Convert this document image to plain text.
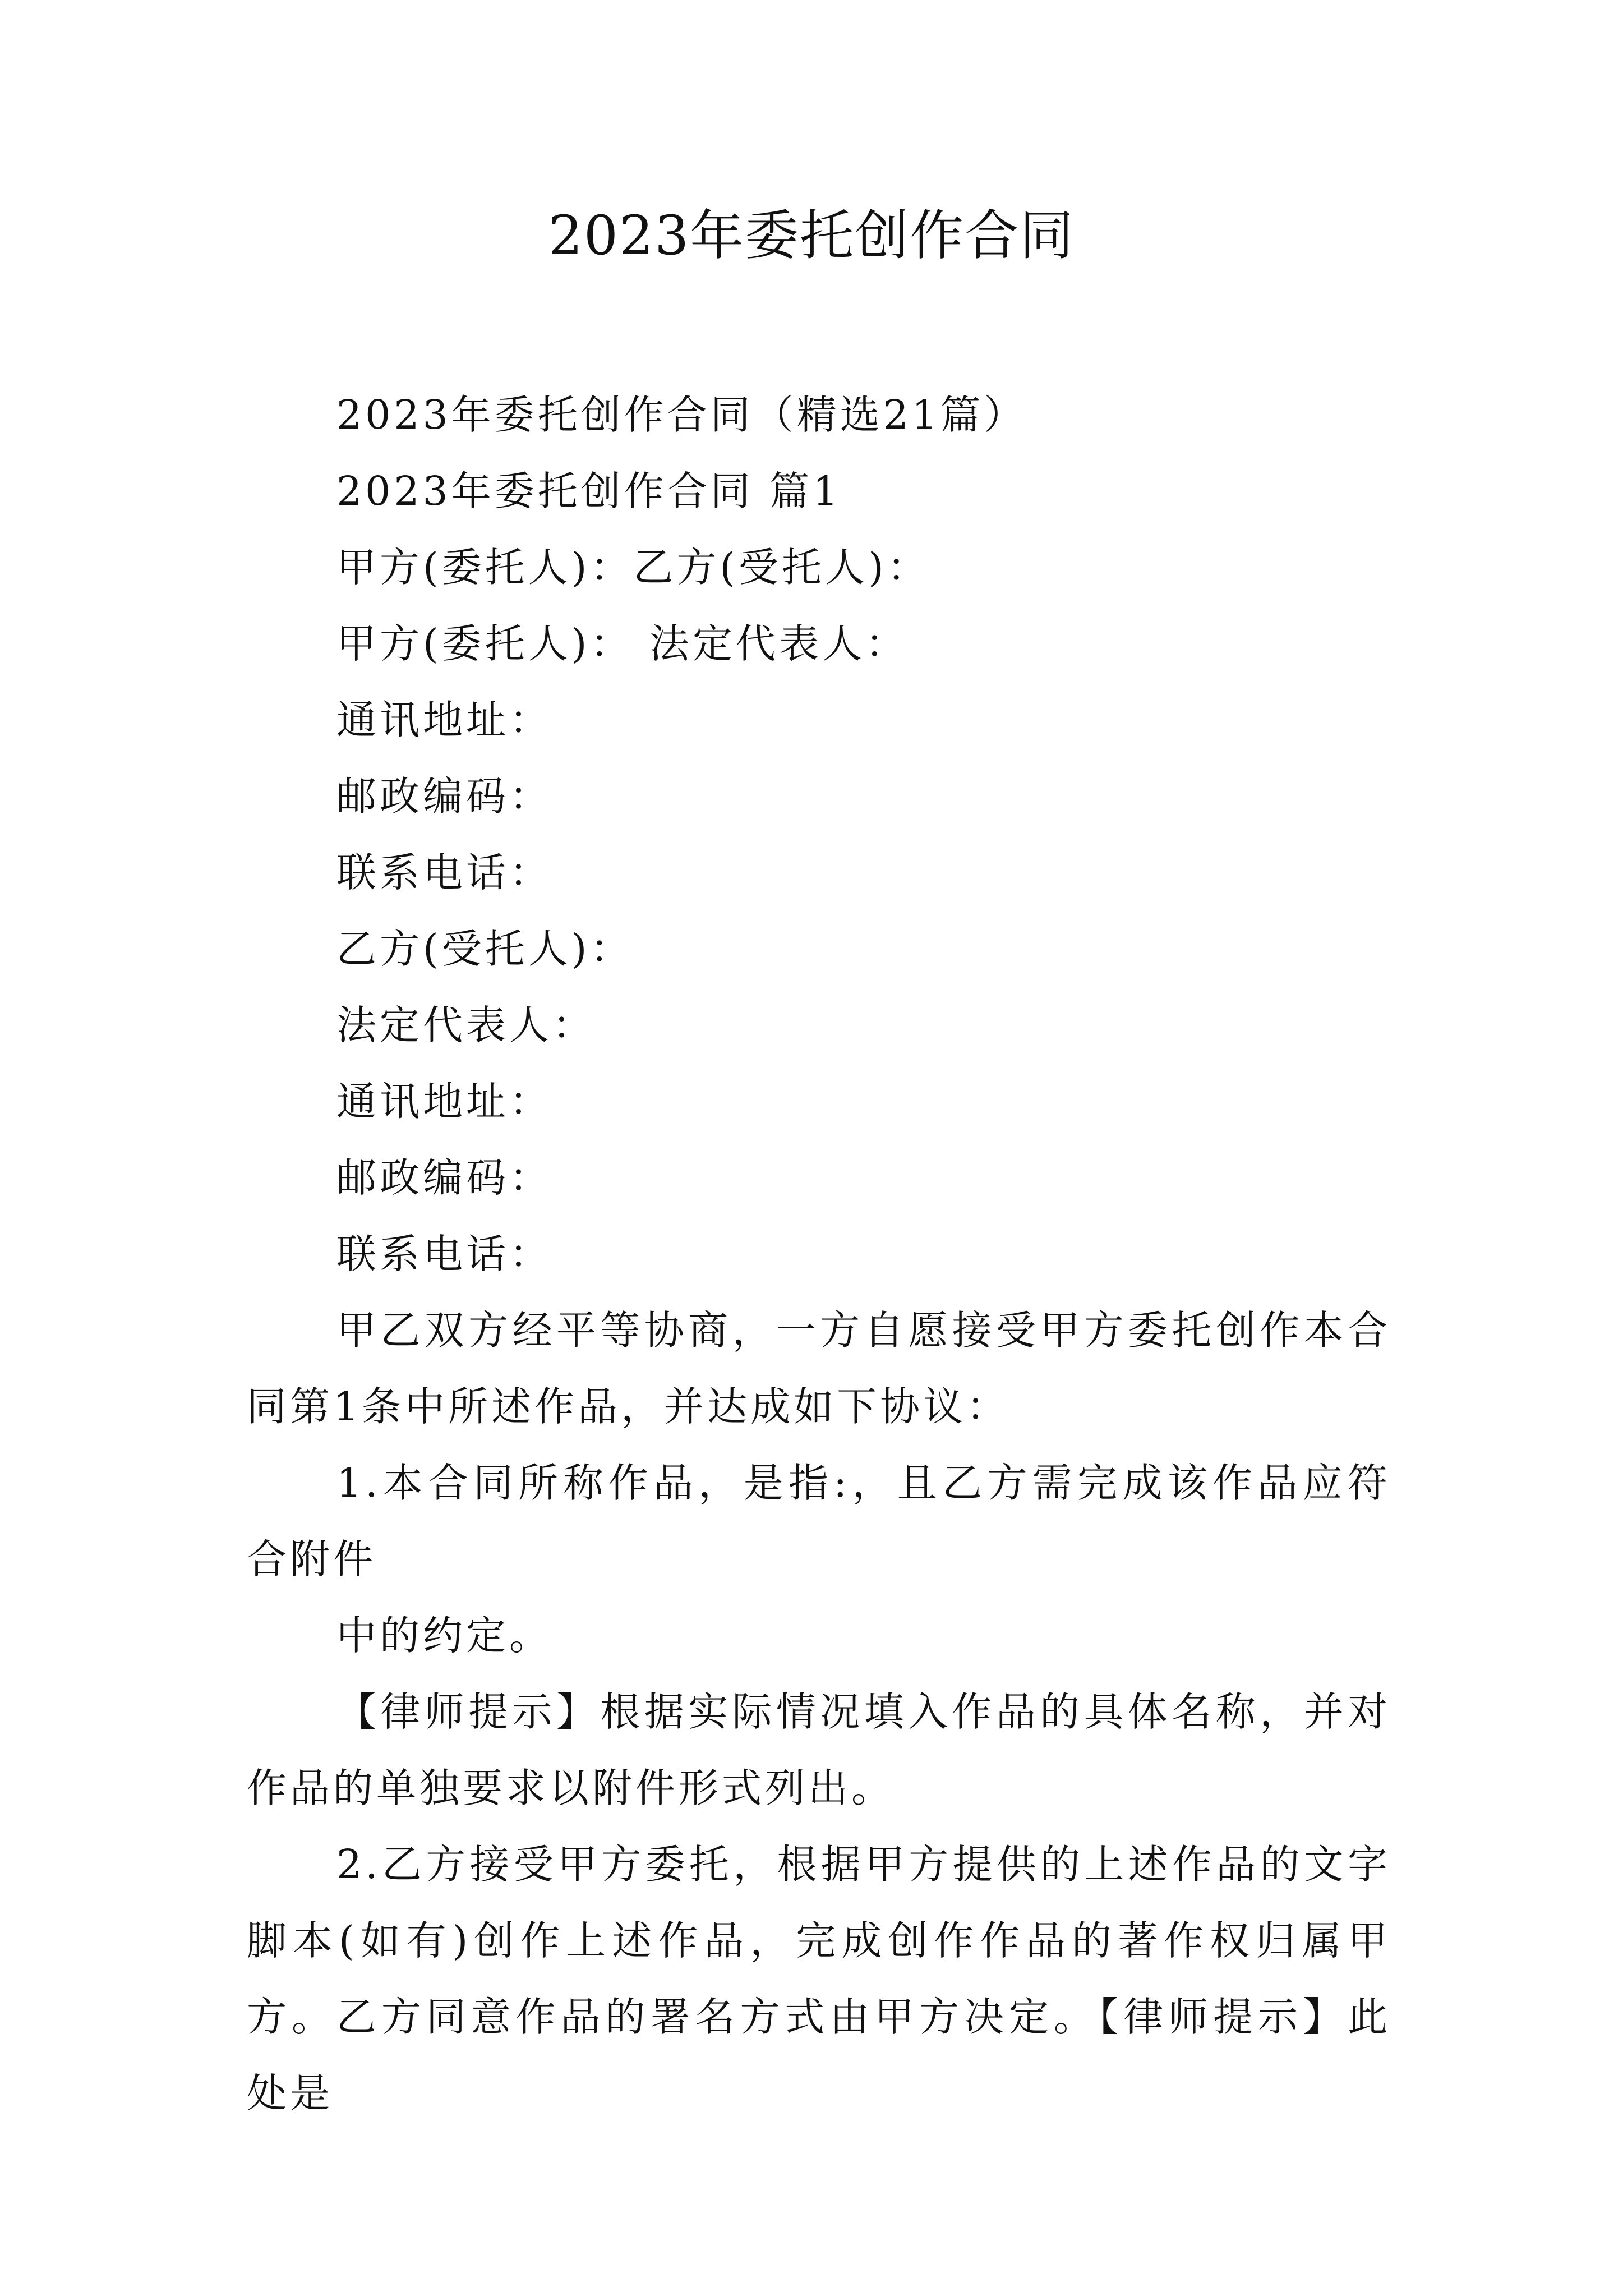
2023年委托创作合同

2023年委托创作合同（精选21篇）

2023年委托创作合同 篇1

甲方(委托人)：乙方(受托人)：

甲方(委托人)： 法定代表人：

通讯地址：

邮政编码：

联系电话：

乙方(受托人)：

法定代表人：

通讯地址：

邮政编码：

联系电话：

甲乙双方经平等协商，一方自愿接受甲方委托创作本合同第1条中所述作品，并达成如下协议：

1.本合同所称作品，是指:，且乙方需完成该作品应符合附件

中的约定。

【律师提示】根据实际情况填入作品的具体名称，并对作品的单独要求以附件形式列出。

2.乙方接受甲方委托，根据甲方提供的上述作品的文字脚本(如有)创作上述作品，完成创作作品的著作权归属甲方。乙方同意作品的署名方式由甲方决定。【律师提示】此处是
